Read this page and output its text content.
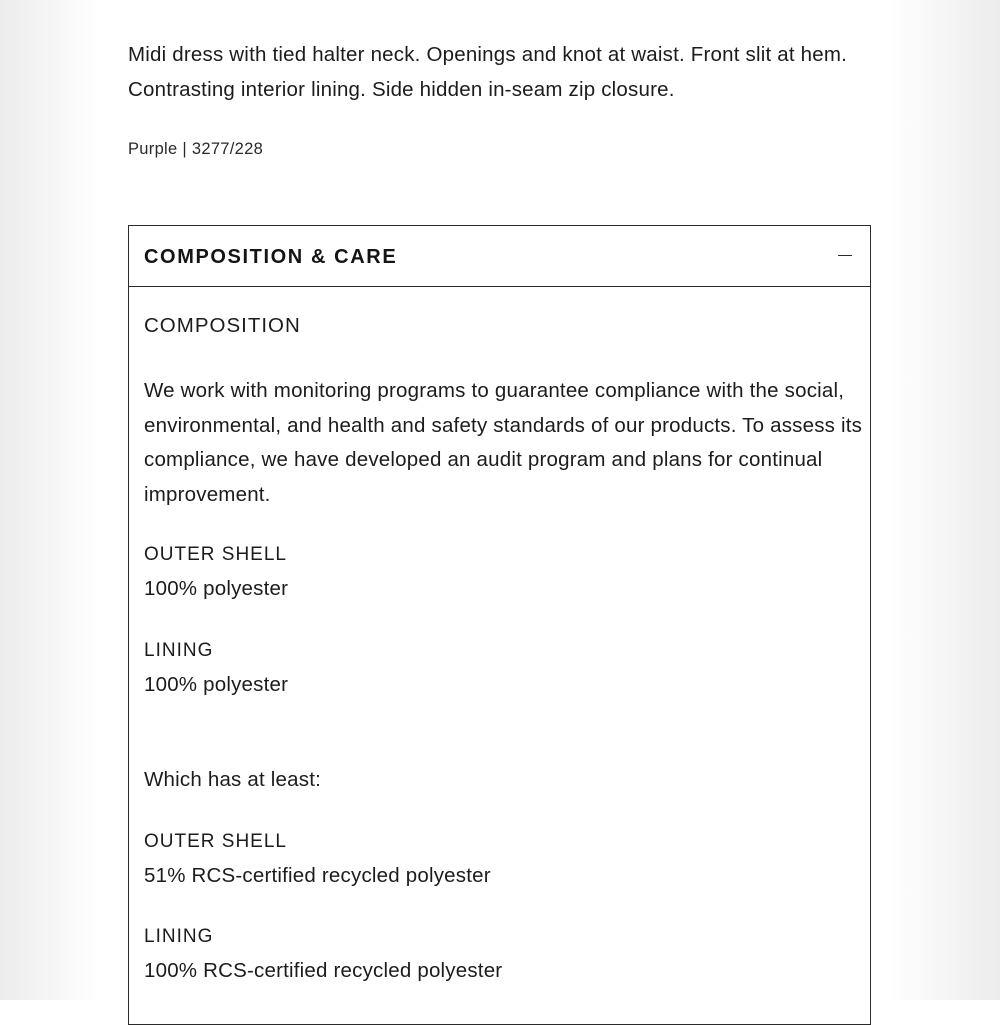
Midi dress with tied halter neck. Openings and knot at waist. Front slit at hem. Contrasting interior lining. Side hidden in-seam zip closure.

Purple | 3277/228
COMPOSITION & CARE
COMPOSITION

We work with monitoring programs to guarantee compliance with the social, environmental, and health and safety standards of our products. To assess its compliance, we have developed an audit program and plans for continual improvement.

OUTER SHELL
100% polyester
LINING
100% polyester
Which has at least:
OUTER SHELL
51% RCS-certified recycled polyester
LINING
100% RCS-certified recycled polyester
